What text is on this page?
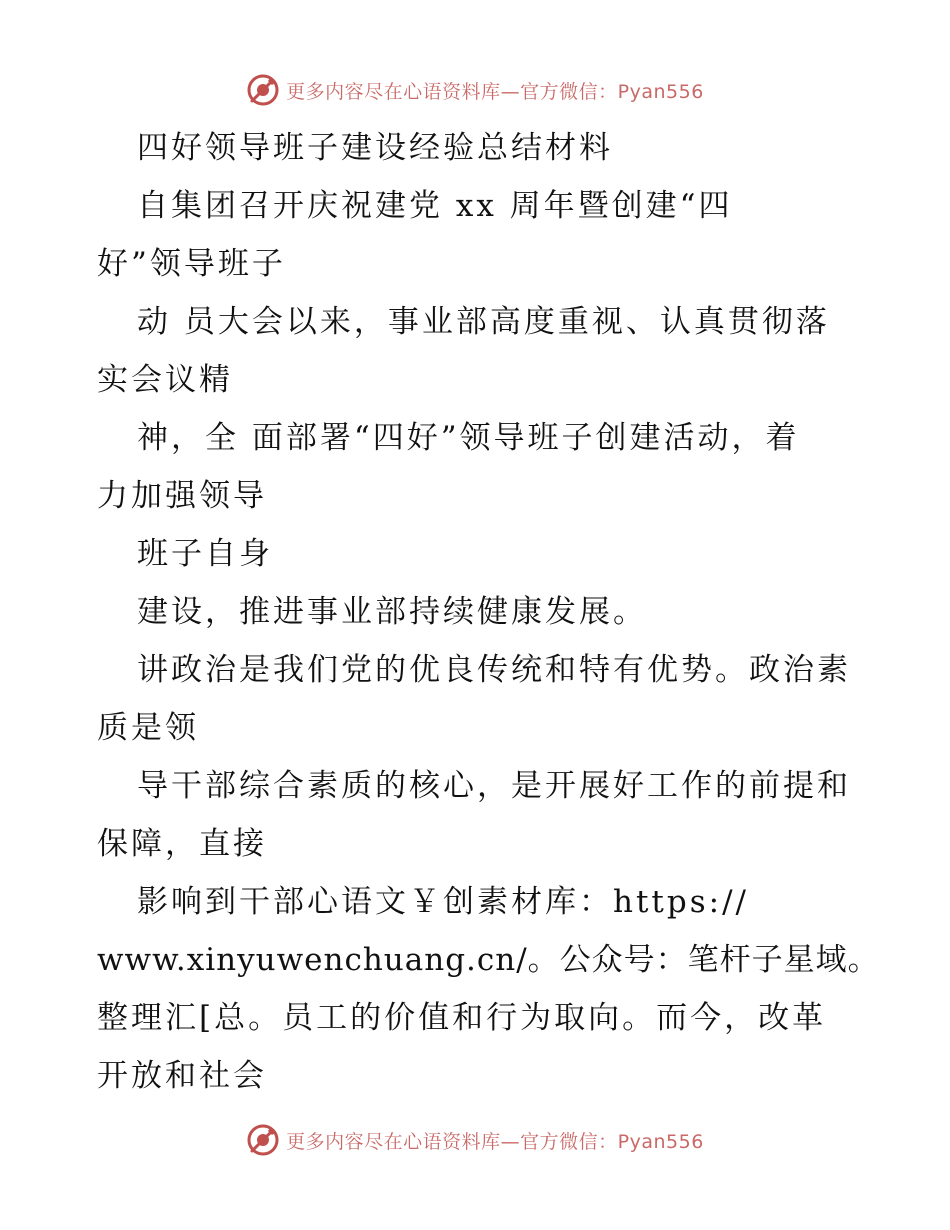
更多内容尽在心语资料库—官方微信：Pyan556
四好领导班子建设经验总结材料
自集团召开庆祝建党 xx 周年暨创建“四
好”领导班子
动 员大会以来，事业部高度重视、认真贯彻落
实会议精
神，全 面部署“四好”领导班子创建活动，着
力加强领导
班子自身
建设，推进事业部持续健康发展。
讲政治是我们党的优良传统和特有优势。政治素
质是领
导干部综合素质的核心，是开展好工作的前提和
保障，直接
影响到干部心语文￥创素材库：https://
www.xinyuwenchuang.cn/。公众号：笔杆子星域。
整理汇[总。员工的价值和行为取向。而今，改革
开放和社会
更多内容尽在心语资料库—官方微信：Pyan556
